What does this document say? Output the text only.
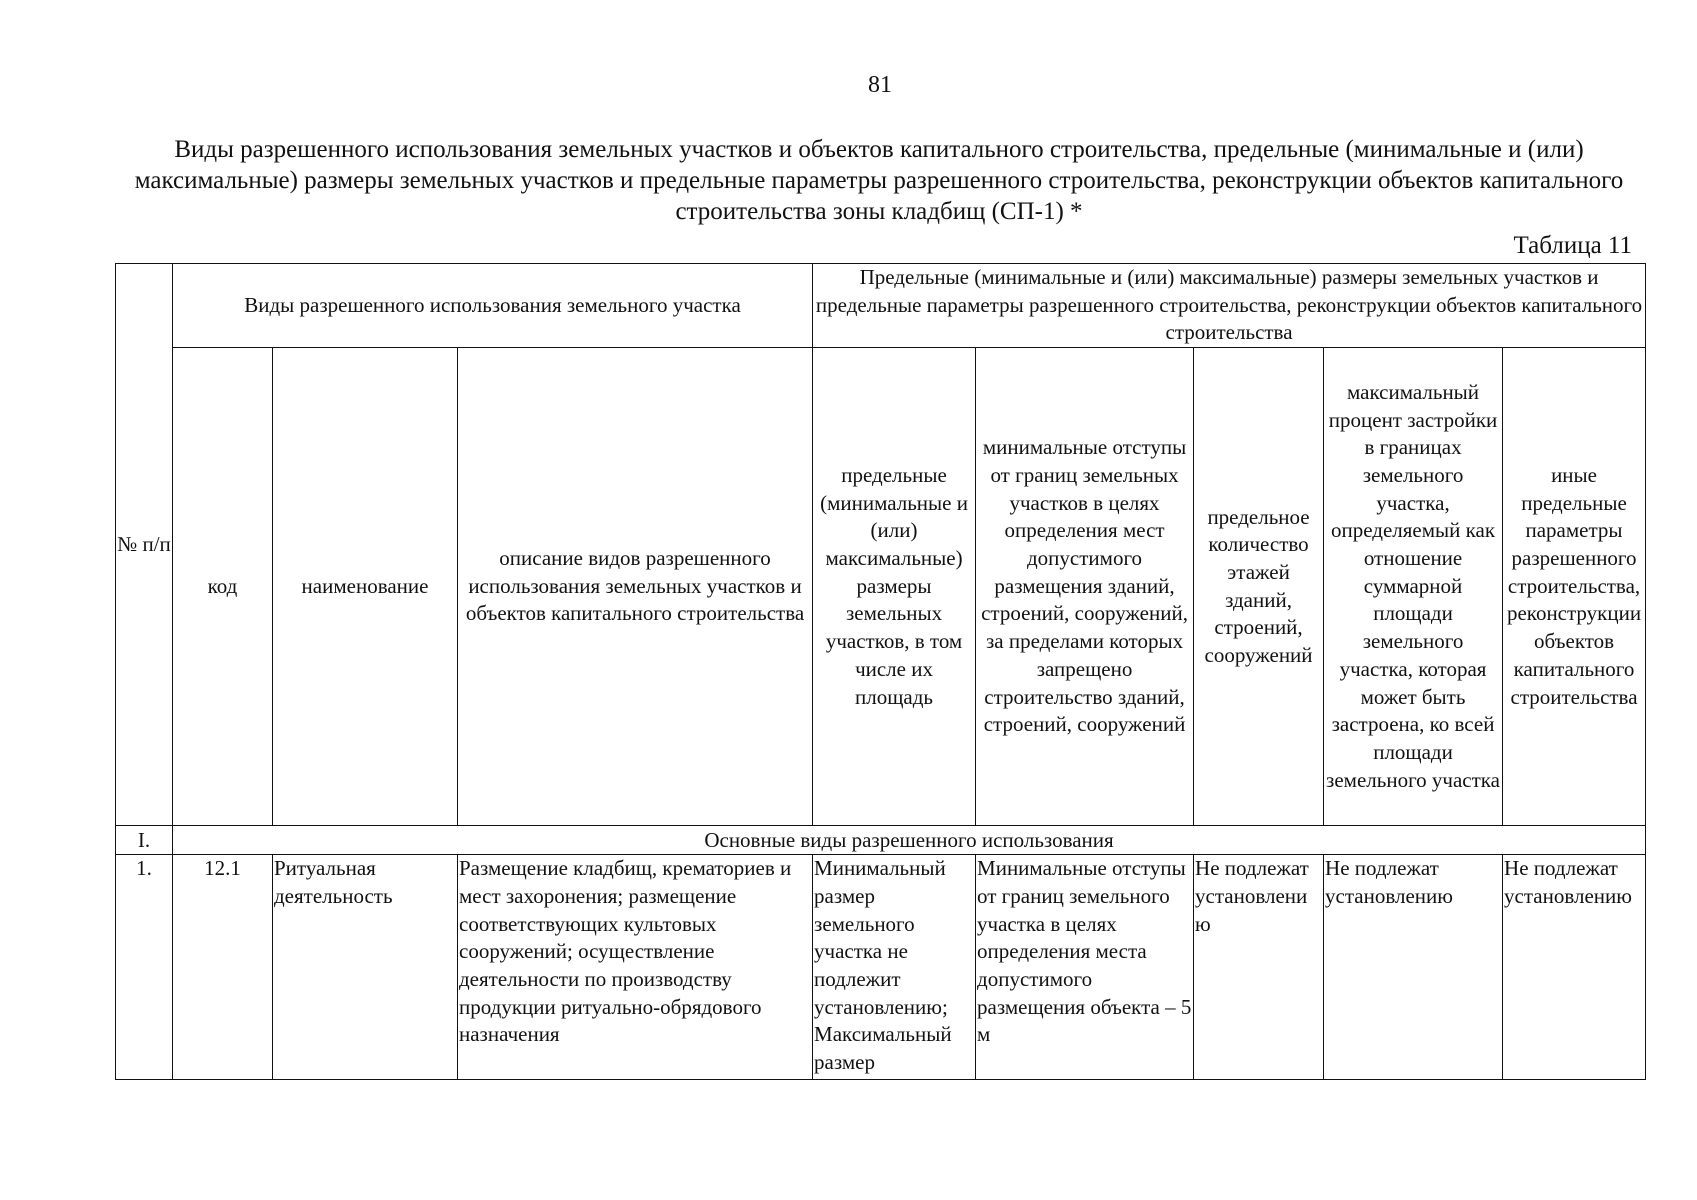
81
Виды разрешенного использования земельных участков и объектов капитального строительства, предельные (минимальные и (или) максимальные) размеры земельных участков и предельные параметры разрешенного строительства, реконструкции объектов капитального строительства зоны кладбищ (СП-1) *
Таблица 11
№ п/п	Виды разрешенного использования земельного участка			Предельные (минимальные и (или) максимальные) размеры земельных участков и предельные параметры разрешенного строительства, реконструкции объектов капитального строительства				
	код	наименование	описание видов разрешенного использования земельных участков и объектов капитального строительства	предельные (минимальные и (или) максимальные) размеры земельных участков, в том числе их площадь	минимальные отступы от границ земельных участков в целях определения мест допустимого размещения зданий, строений, сооружений, за пределами которых запрещено строительство зданий, строений, сооружений	предельное количество этажей зданий, строений, сооружений	максимальный процент застройки в границах земельного участка, определяемый как отношение суммарной площади земельного участка, которая может быть застроена, ко всей площади земельного участка	иные предельные параметры разрешенного строительства, реконструкции объектов капитального строительства
I.	Основные виды разрешенного использования							
1.	12.1	Ритуальная деятельность	Размещение кладбищ, крематориев и мест захоронения; размещение соответствующих культовых сооружений; осуществление деятельности по производству продукции ритуально-обрядового назначения	Минимальный размер земельного участка не подлежит установлению; Максимальный размер	Минимальные отступы от границ земельного участка в целях определения места допустимого размещения объекта – 5 м	Не подлежат установлению	Не подлежат установлению	Не подлежат установлению
